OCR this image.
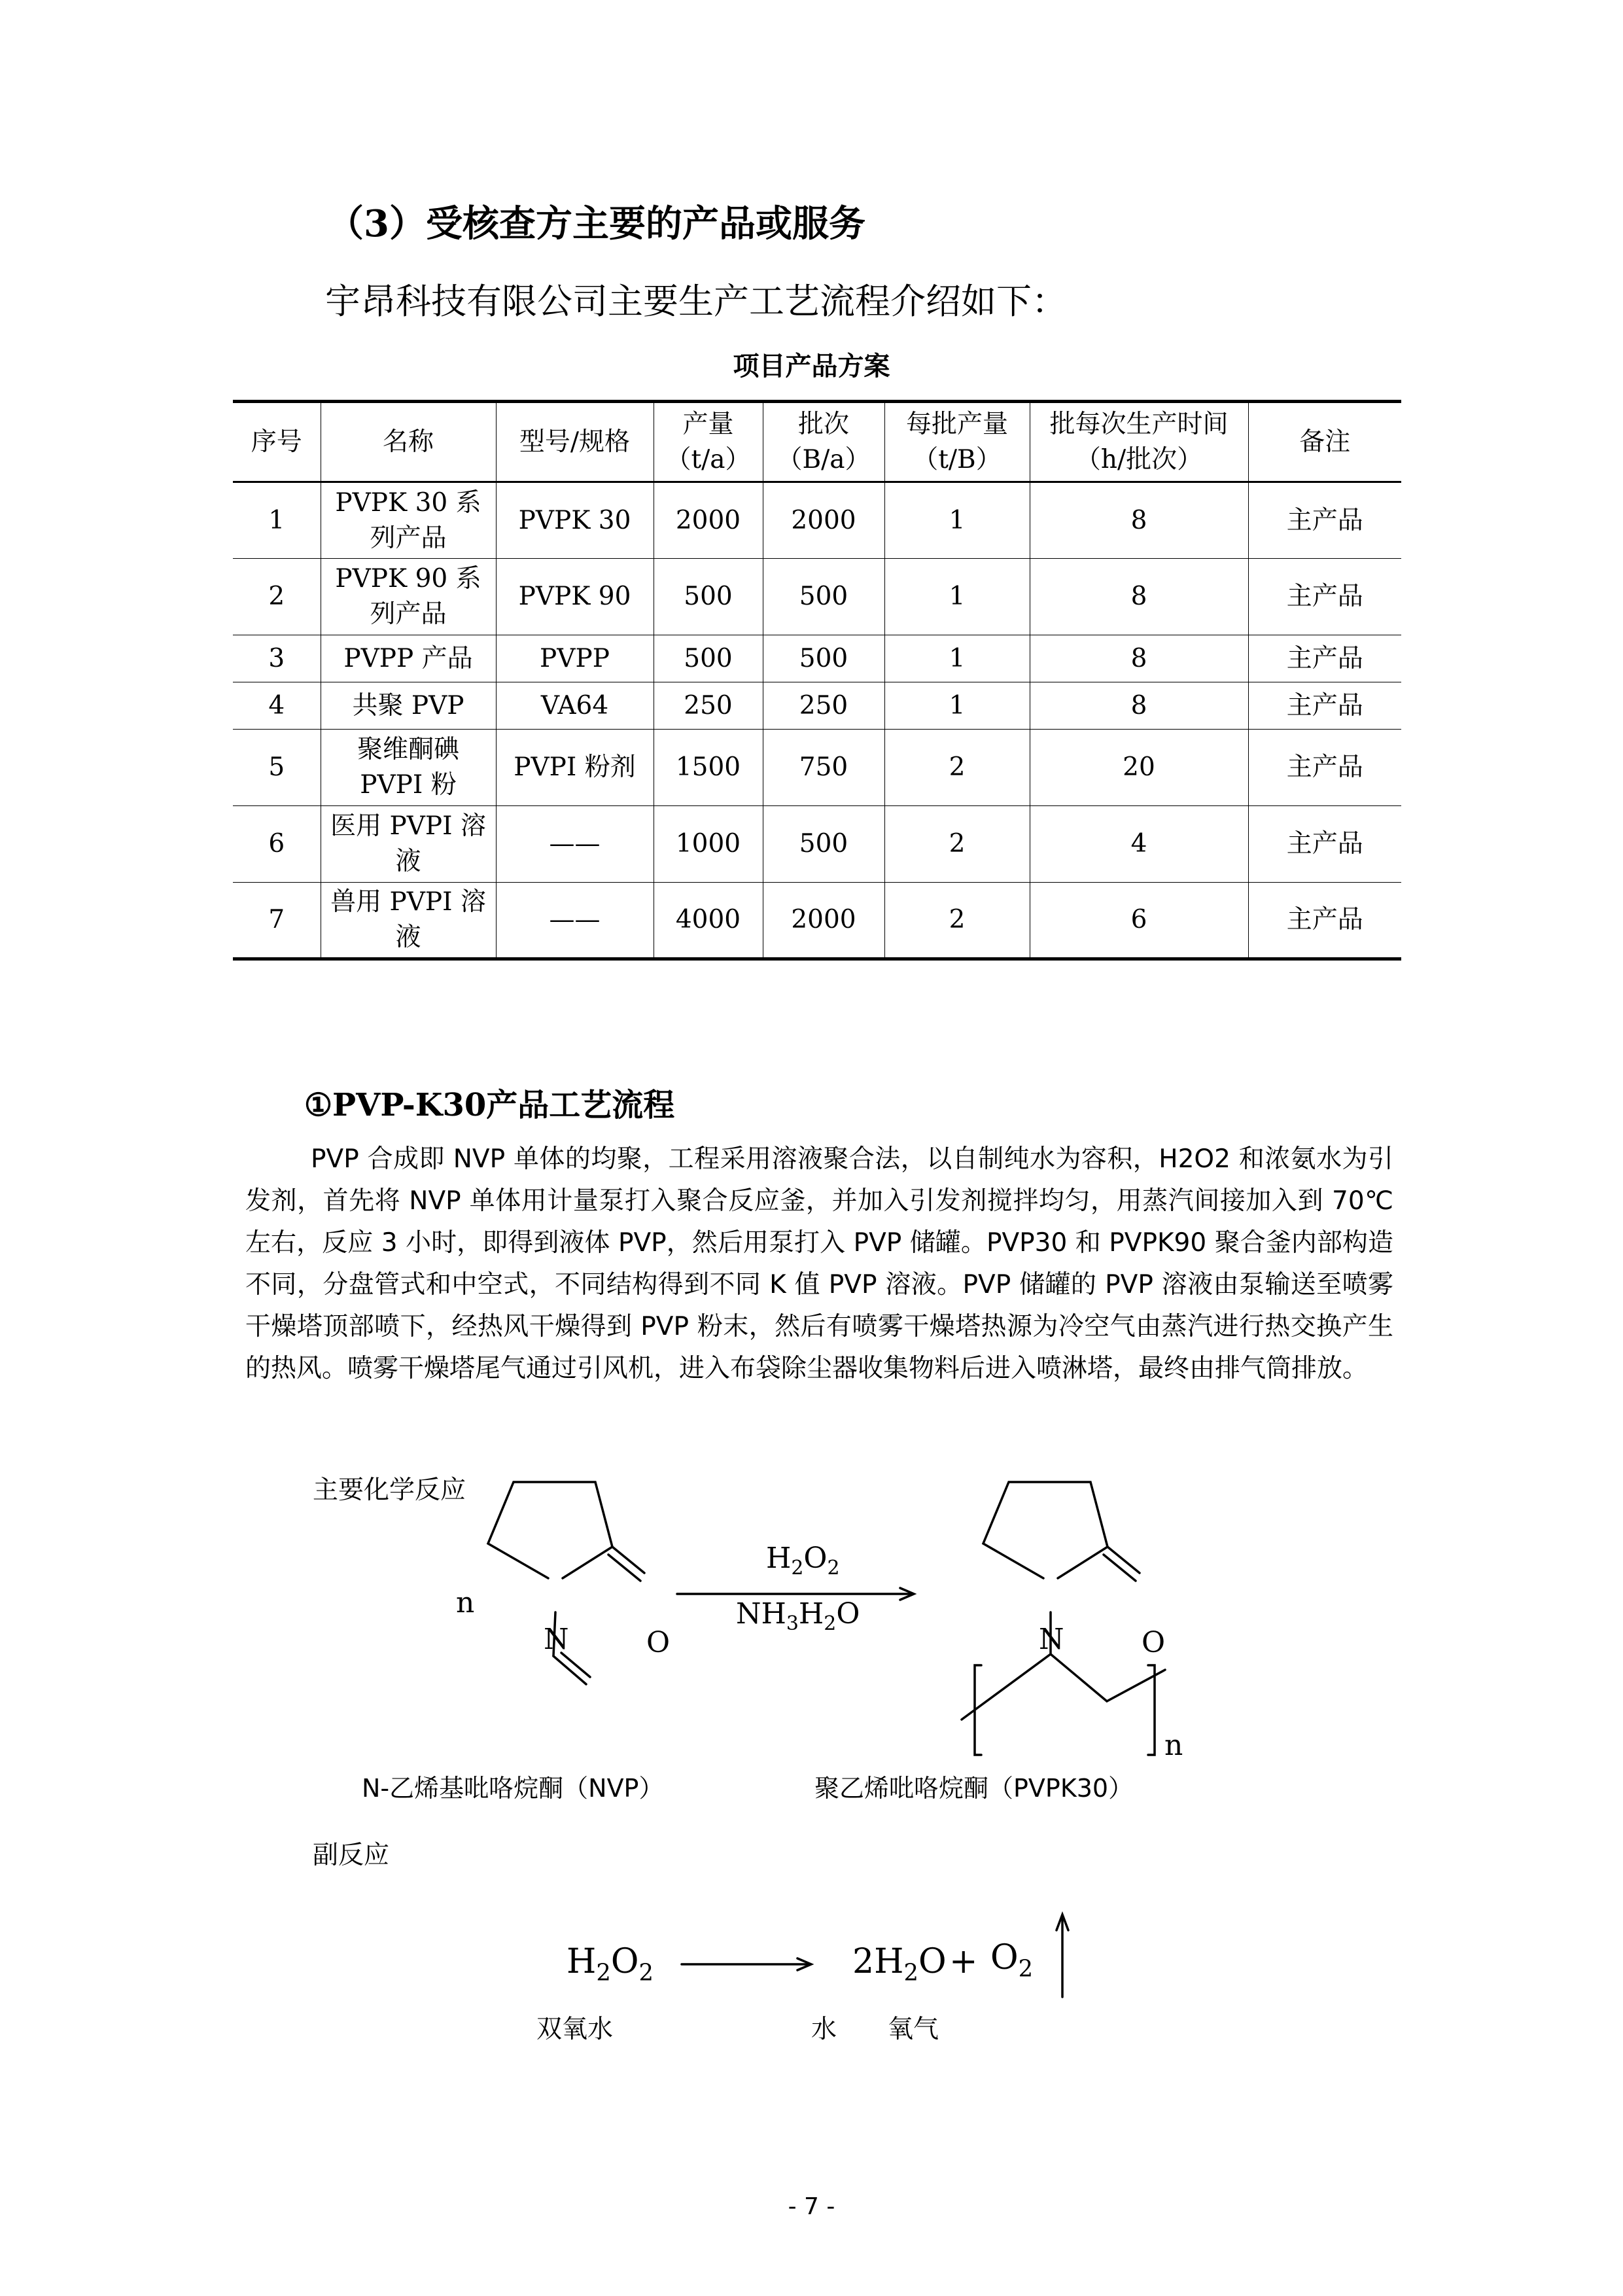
（3）受核查方主要的产品或服务
宇昂科技有限公司主要生产工艺流程介绍如下：
项目产品方案
序号	名称	型号/规格	产量（t/a）	批次（B/a）	每批产量（t/B）	批每次生产时间（h/批次）	备注
1	PVPK 30 系列产品	PVPK 30	2000	2000	1	8	主产品
2	PVPK 90 系列产品	PVPK 90	500	500	1	8	主产品
3	PVPP 产品	PVPP	500	500	1	8	主产品
4	共聚 PVP	VA64	250	250	1	8	主产品
5	聚维酮碘 PVPI 粉	PVPI 粉剂	1500	750	2	20	主产品
6	医用 PVPI 溶液	——	1000	500	2	4	主产品
7	兽用 PVPI 溶液	——	4000	2000	2	6	主产品
①PVP-K30产品工艺流程
PVP 合成即 NVP 单体的均聚，工程采用溶液聚合法，以自制纯水为容积，H2O2 和浓氨水为引发剂，首先将 NVP 单体用计量泵打入聚合反应釜，并加入引发剂搅拌均匀，用蒸汽间接加入到 70℃左右，反应 3 小时，即得到液体 PVP，然后用泵打入 PVP 储罐。PVP30 和 PVPK90 聚合釜内部构造不同，分盘管式和中空式，不同结构得到不同 K 值 PVP 溶液。PVP 储罐的 PVP 溶液由泵输送至喷雾干燥塔顶部喷下，经热风干燥得到 PVP 粉末，然后有喷雾干燥塔热源为冷空气由蒸汽进行热交换产生的热风。喷雾干燥塔尾气通过引风机，进入布袋除尘器收集物料后进入喷淋塔，最终由排气筒排放。
主要化学反应
副反应
n
N	O	N	O
n
$H_2O_2$
$NH_3H_2O$
N-乙烯基吡咯烷酮（NVP）	聚乙烯吡咯烷酮（PVPK30）
$H_2O_2$	$2H_2O + O_2$
双氧水	水 氧气
- 7 -
